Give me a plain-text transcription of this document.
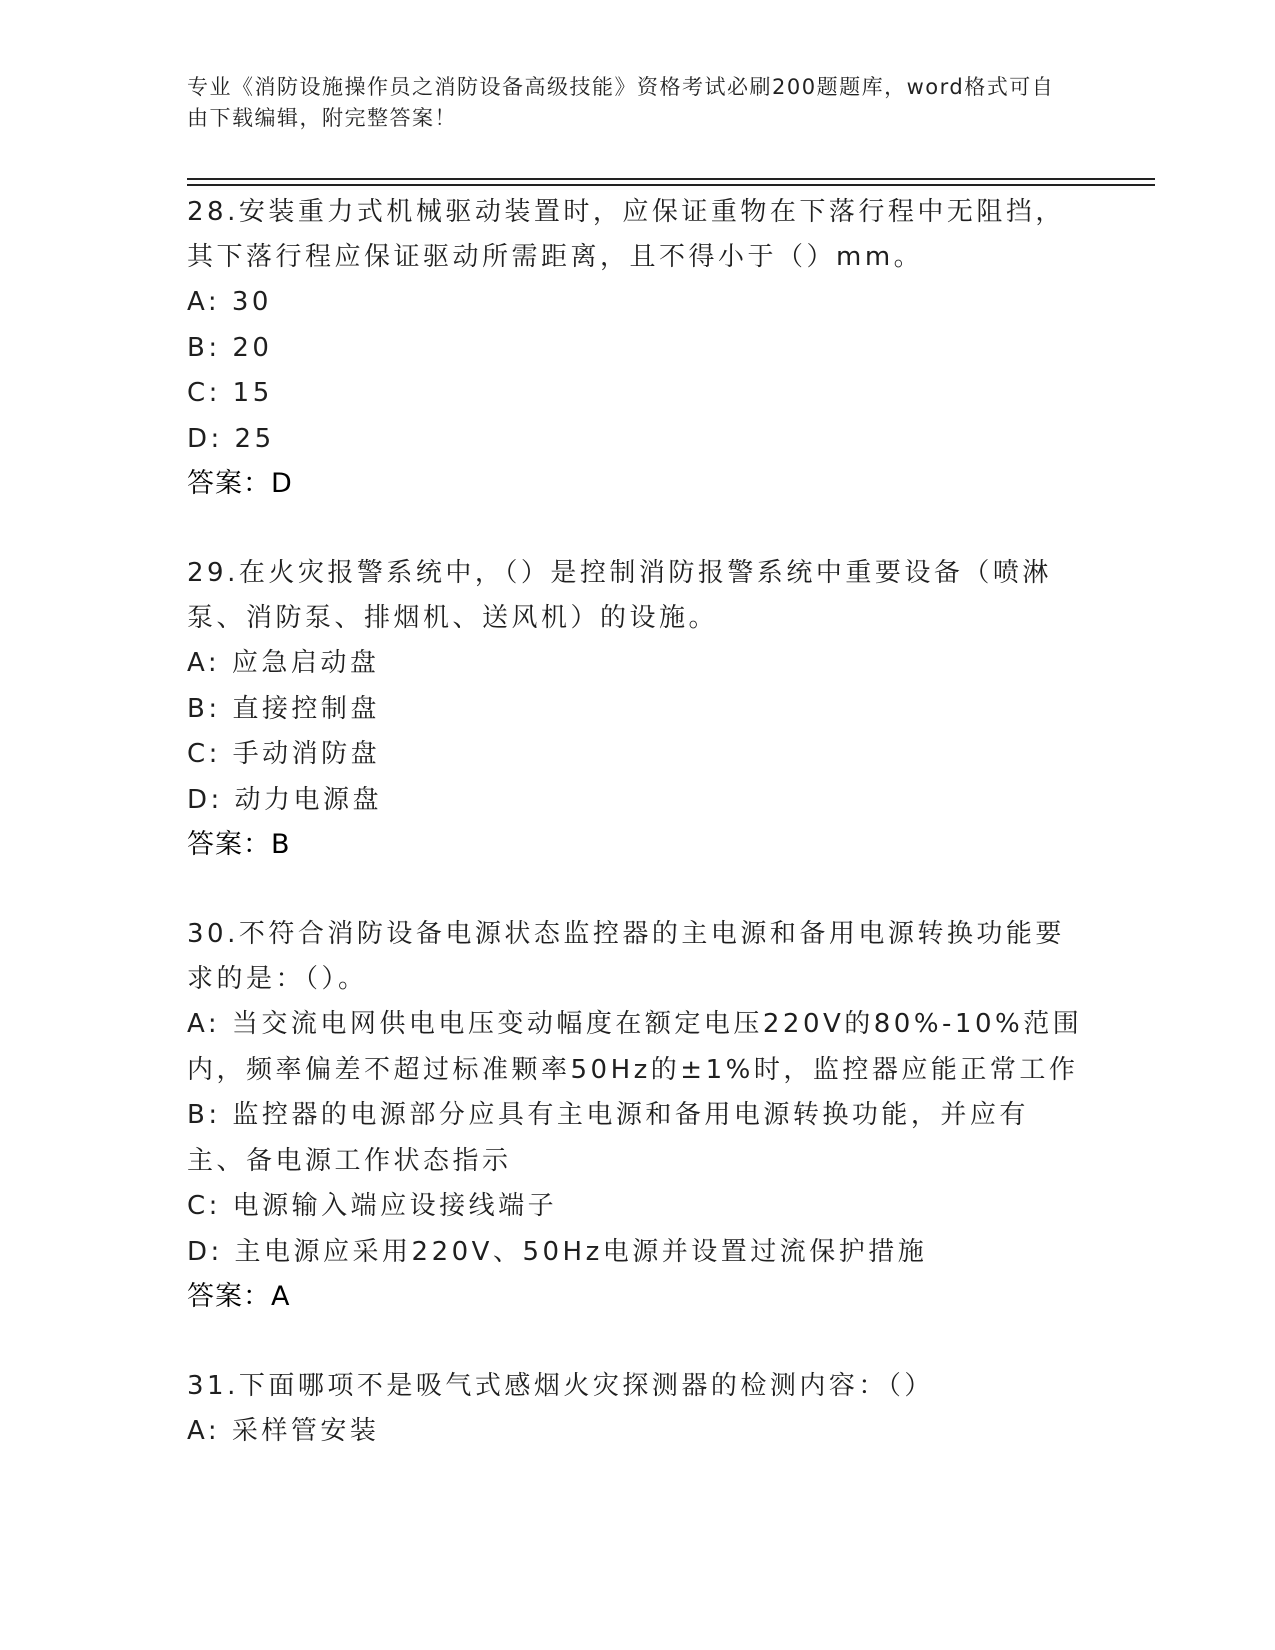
专业《消防设施操作员之消防设备高级技能》资格考试必刷200题题库，word格式可自由下载编辑，附完整答案！
28.安装重力式机械驱动装置时，应保证重物在下落行程中无阻挡，其下落行程应保证驱动所需距离，且不得小于（）mm。
A: 30
B: 20
C: 15
D: 25
答案：D
29.在火灾报警系统中，（）是控制消防报警系统中重要设备（喷淋泵、消防泵、排烟机、送风机）的设施。
A: 应急启动盘
B: 直接控制盘
C: 手动消防盘
D: 动力电源盘
答案：B
30.不符合消防设备电源状态监控器的主电源和备用电源转换功能要求的是：（）。
A: 当交流电网供电电压变动幅度在额定电压220V的80%-10%范围内，频率偏差不超过标准颗率50Hz的±1%时，监控器应能正常工作
B: 监控器的电源部分应具有主电源和备用电源转换功能，并应有主、备电源工作状态指示
C: 电源输入端应设接线端子
D: 主电源应采用220V、50Hz电源并设置过流保护措施
答案：A
31.下面哪项不是吸气式感烟火灾探测器的检测内容：（）
A: 采样管安装
